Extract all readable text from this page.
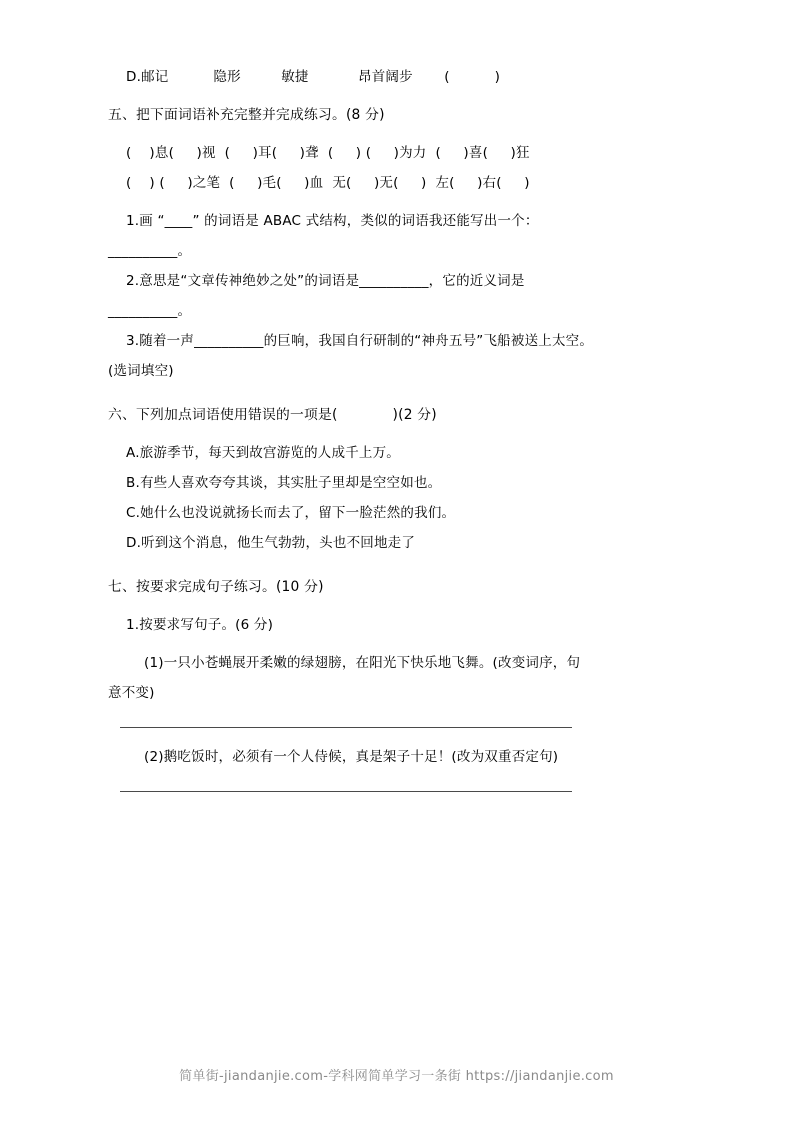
D.邮记          隐形         敏捷           昂首阔步       (          )
五、把下面词语补充完整并完成练习。(8 分)
(    )息(     )视  (     )耳(     )聋  (     ) (     )为力  (     )喜(     )狂
(    ) (     )之笔  (     )毛(     )血  无(     )无(     )  左(     )右(     )
1.画 “____” 的词语是 ABAC 式结构，类似的词语我还能写出一个：
__________。
2.意思是“文章传神绝妙之处”的词语是__________，它的近义词是
__________。
3.随着一声__________的巨响，我国自行研制的“神舟五号”飞船被送上太空。
(选词填空)
六、下列加点词语使用错误的一项是(            )(2 分)
A.旅游季节，每天到故宫游览的人成千上万。
B.有些人喜欢夸夸其谈，其实肚子里却是空空如也。
C.她什么也没说就扬长而去了，留下一脸茫然的我们。
D.听到这个消息，他生气勃勃，头也不回地走了
七、按要求完成句子练习。(10 分)
1.按要求写句子。(6 分)
(1)一只小苍蝇展开柔嫩的绿翅膀，在阳光下快乐地飞舞。(改变词序，句
意不变)
(2)鹅吃饭时，必须有一个人侍候，真是架子十足！(改为双重否定句)
简单街-jiandanjie.com-学科网简单学习一条街 https://jiandanjie.com
